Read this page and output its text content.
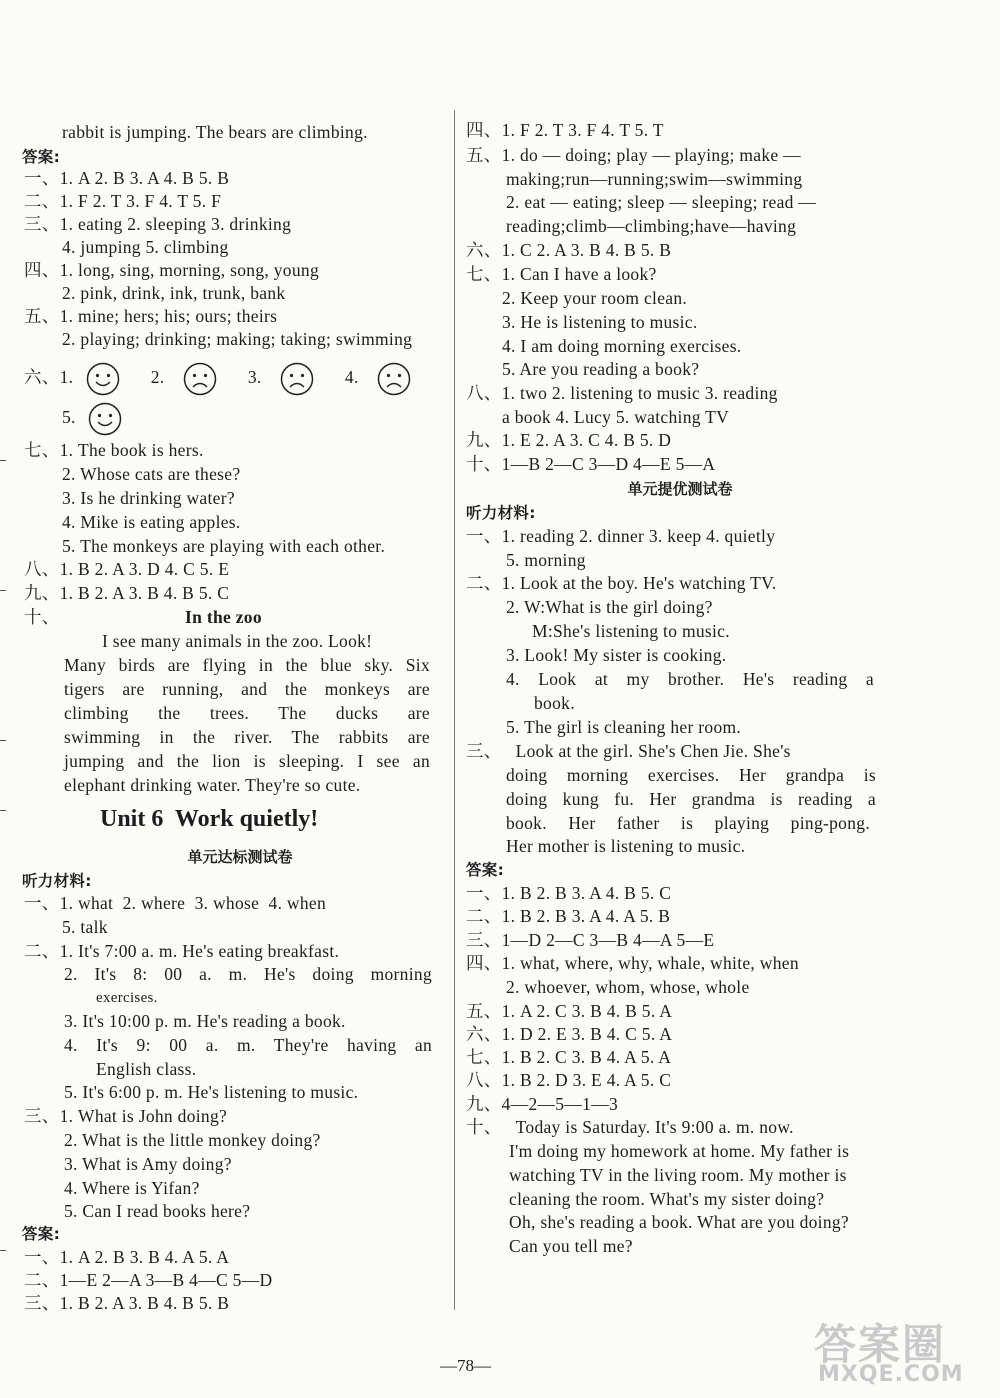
rabbit is jumping. The bears are climbing.
答案:
一、1. A 2. B 3. A 4. B 5. B
二、1. F 2. T 3. F 4. T 5. F
三、1. eating 2. sleeping 3. drinking
4. jumping 5. climbing
四、1. long, sing, morning, song, young
2. pink, drink, ink, trunk, bank
五、1. mine; hers; his; ours; theirs
2. playing; drinking; making; taking; swimming
六、1.	2.	3.	4.
5.
七、1. The book is hers.
2. Whose cats are these?
3. Is he drinking water?
4. Mike is eating apples.
5. The monkeys are playing with each other.
八、1. B 2. A 3. D 4. C 5. E
九、1. B 2. A 3. B 4. B 5. C
十、	In the zoo
I see many animals in the zoo. Look!
Many birds are flying in the blue sky. Six
tigers are running, and the monkeys are
climbing the trees. The ducks are
swimming in the river. The rabbits are
jumping and the lion is sleeping. I see an
elephant drinking water. They're so cute.
Unit 6  Work quietly!
单元达标测试卷
听力材料:
一、1. what  2. where  3. whose  4. when
5. talk
二、1. It's 7:00 a. m. He's eating breakfast.
2. It's 8: 00 a. m. He's doing morning
exercises.
3. It's 10:00 p. m. He's reading a book.
4. It's 9: 00 a. m. They're having an
English class.
5. It's 6:00 p. m. He's listening to music.
三、1. What is John doing?
2. What is the little monkey doing?
3. What is Amy doing?
4. Where is Yifan?
5. Can I read books here?
答案:
一、1. A 2. B 3. B 4. A 5. A
二、1—E 2—A 3—B 4—C 5—D
三、1. B 2. A 3. B 4. B 5. B
四、1. F 2. T 3. F 4. T 5. T
五、1. do — doing; play — playing; make —
making;run—running;swim—swimming
2. eat — eating; sleep — sleeping; read —
reading;climb—climbing;have—having
六、1. C 2. A 3. B 4. B 5. B
七、1. Can I have a look?
2. Keep your room clean.
3. He is listening to music.
4. I am doing morning exercises.
5. Are you reading a book?
八、1. two 2. listening to music 3. reading
a book 4. Lucy 5. watching TV
九、1. E 2. A 3. C 4. B 5. D
十、1—B 2—C 3—D 4—E 5—A
单元提优测试卷
听力材料:
一、1. reading 2. dinner 3. keep 4. quietly
5. morning
二、1. Look at the boy. He's watching TV.
2. W:What is the girl doing?
M:She's listening to music.
3. Look! My sister is cooking.
4. Look at my brother. He's reading a
book.
5. The girl is cleaning her room.
三、   Look at the girl. She's Chen Jie. She's
doing morning exercises. Her grandpa is
doing kung fu. Her grandma is reading a
book. Her father is playing ping-pong.
Her mother is listening to music.
答案:
一、1. B 2. B 3. A 4. B 5. C
二、1. B 2. B 3. A 4. A 5. B
三、1—D 2—C 3—B 4—A 5—E
四、1. what, where, why, whale, white, when
2. whoever, whom, whose, whole
五、1. A 2. C 3. B 4. B 5. A
六、1. D 2. E 3. B 4. C 5. A
七、1. B 2. C 3. B 4. A 5. A
八、1. B 2. D 3. E 4. A 5. C
九、4—2—5—1—3
十、   Today is Saturday. It's 9:00 a. m. now.
I'm doing my homework at home. My father is
watching TV in the living room. My mother is
cleaning the room. What's my sister doing?
Oh, she's reading a book. What are you doing?
Can you tell me?
—78—	答案圈
MXQE.COM
